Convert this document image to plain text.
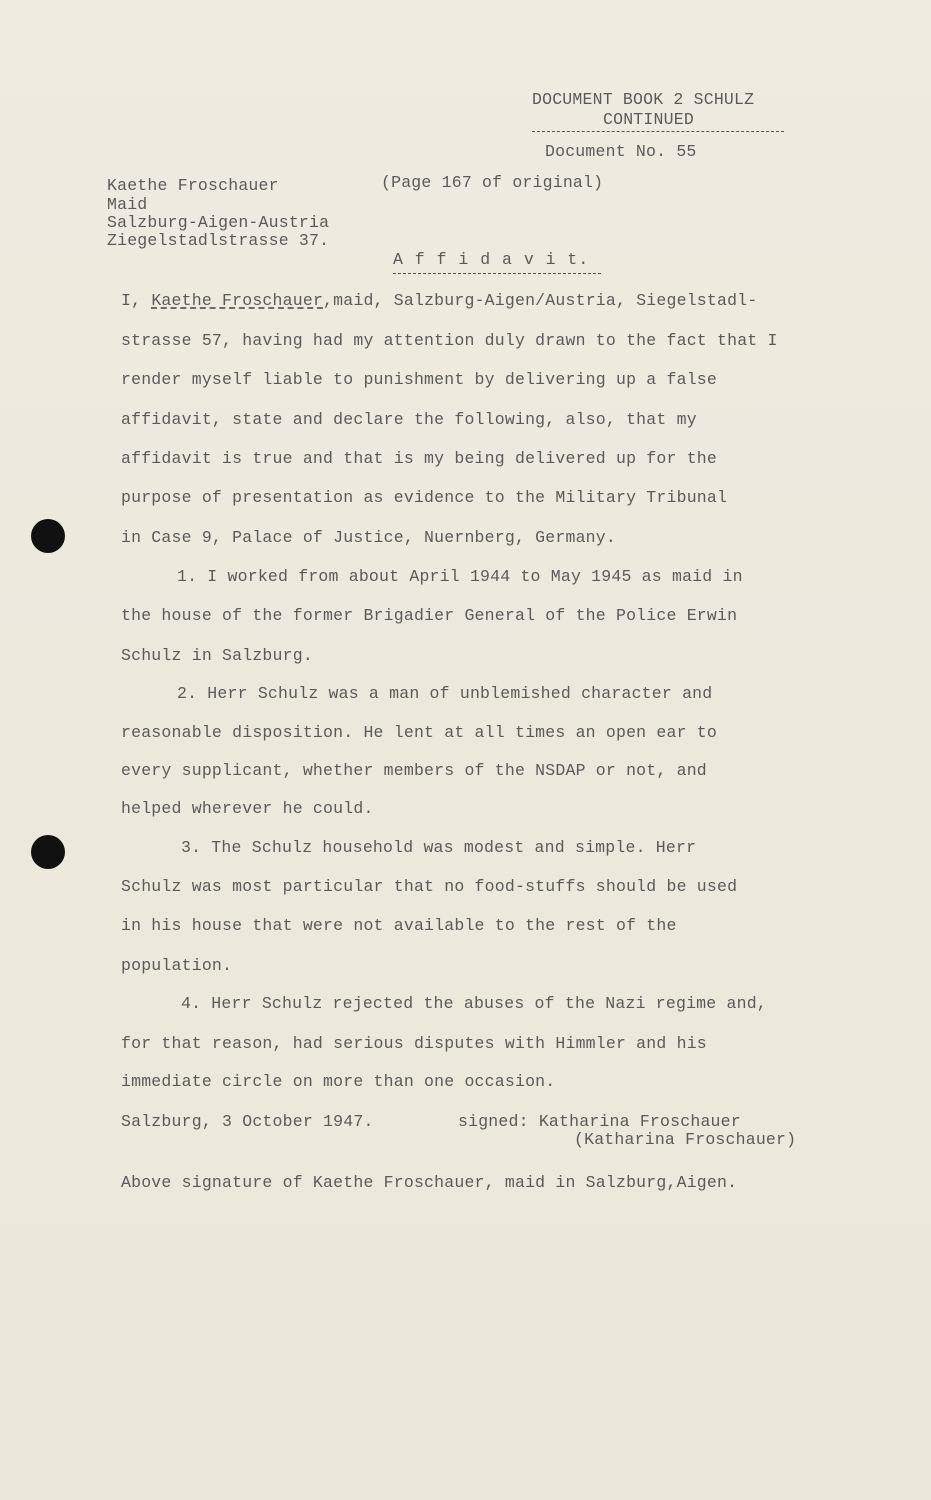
DOCUMENT BOOK 2 SCHULZ
CONTINUED
Document No. 55
Kaethe Froschauer	(Page 167 of original)
Maid
Salzburg-Aigen-Austria
Ziegelstadlstrasse 37.
A f f i d a v i t.
I, Kaethe Froschauer,maid, Salzburg-Aigen/Austria, Siegelstadl-
strasse 57, having had my attention duly drawn to the fact that I
render myself liable to punishment by delivering up a false
affidavit, state and declare the following, also, that my
affidavit is true and that is my being delivered up for the
purpose of presentation as evidence to the Military Tribunal
in Case 9, Palace of Justice, Nuernberg, Germany.
1. I worked from about April 1944 to May 1945 as maid in
the house of the former Brigadier General of the Police Erwin
Schulz in Salzburg.
2. Herr Schulz was a man of unblemished character and
reasonable disposition. He lent at all times an open ear to
every supplicant, whether members of the NSDAP or not, and
helped wherever he could.
3. The Schulz household was modest and simple. Herr
Schulz was most particular that no food-stuffs should be used
in his house that were not available to the rest of the
population.
4. Herr Schulz rejected the abuses of the Nazi regime and,
for that reason, had serious disputes with Himmler and his
immediate circle on more than one occasion.
Salzburg, 3 October 1947.	signed: Katharina Froschauer
(Katharina Froschauer)
Above signature of Kaethe Froschauer, maid in Salzburg,Aigen.
